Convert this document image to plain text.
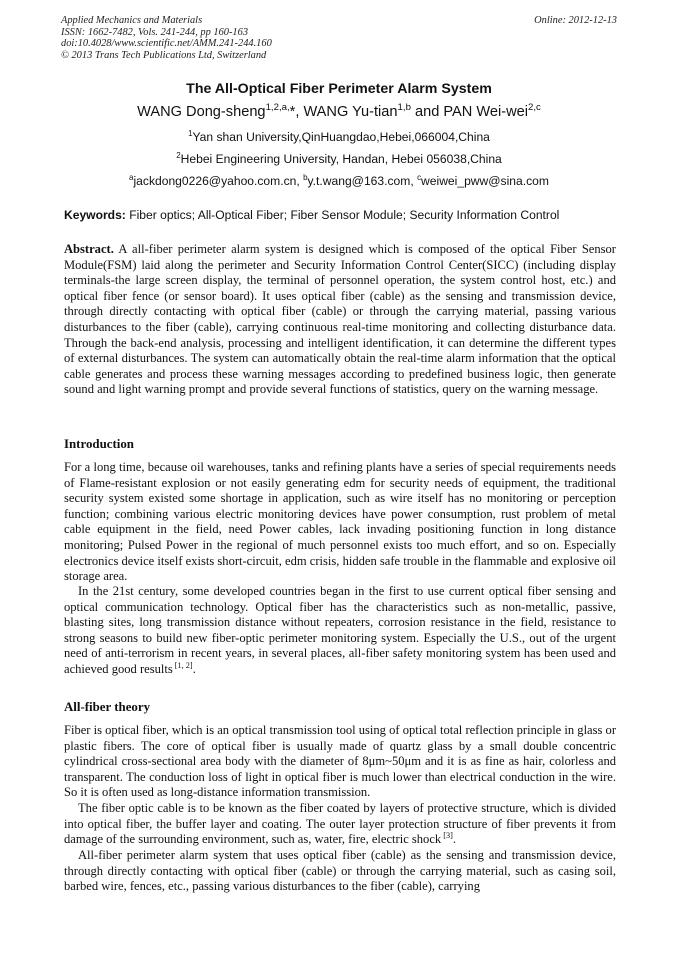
Applied Mechanics and Materials	Online: 2012-12-13
ISSN: 1662-7482, Vols. 241-244, pp 160-163
doi:10.4028/www.scientific.net/AMM.241-244.160
© 2013 Trans Tech Publications Ltd, Switzerland
The All-Optical Fiber Perimeter Alarm System
WANG Dong-sheng$^{1,2,a,}$*, WANG Yu-tian$^{1,b}$ and PAN Wei-wei$^{2,c}$
$^1$Yan shan University,QinHuangdao,Hebei,066004,China
$^2$Hebei Engineering University, Handan, Hebei 056038,China
$^a$jackdong0226@yahoo.com.cn, $^b$y.t.wang@163.com, $^c$weiwei_pww@sina.com
Keywords: Fiber optics; All-Optical Fiber; Fiber Sensor Module; Security Information Control
Abstract. A all-fiber perimeter alarm system is designed which is composed of the optical Fiber Sensor Module(FSM) laid along the perimeter and Security Information Control Center(SICC) (including display terminals-the large screen display, the terminal of personnel operation, the system control host, etc.) and optical fiber fence (or sensor board). It uses optical fiber (cable) as the sensing and transmission device, through directly contacting with optical fiber (cable) or through the carrying material, passing various disturbances to the fiber (cable), carrying continuous real-time monitoring and collecting disturbance data. Through the back-end analysis, processing and intelligent identification, it can determine the different types of external disturbances. The system can automatically obtain the real-time alarm information that the optical cable generates and process these warning messages according to predefined business logic, then generate sound and light warning prompt and provide several functions of statistics, query on the warning message.
Introduction
For a long time, because oil warehouses, tanks and refining plants have a series of special requirements needs of Flame-resistant explosion or not easily generating edm for security needs of equipment, the traditional security system existed some shortage in application, such as wire itself has no monitoring or perception function; combining various electric monitoring devices have power consumption, rust problem of metal cable equipment in the field, need Power cables, lack invading positioning function in long distance monitoring; Pulsed Power in the regional of much personnel exists too much effort, and so on. Especially electronics device itself exists short-circuit, edm crisis, hidden safe trouble in the flammable and explosive oil storage area.
In the 21st century, some developed countries began in the first to use current optical fiber sensing and optical communication technology. Optical fiber has the characteristics such as non-metallic, passive, blasting sites, long transmission distance without repeaters, corrosion resistance in the field, resistance to strong seasons to build new fiber-optic perimeter monitoring system. Especially the U.S., out of the urgent need of anti-terrorism in recent years, in several places, all-fiber safety monitoring system has been used and achieved good results [1, 2].
All-fiber theory
Fiber is optical fiber, which is an optical transmission tool using of optical total reflection principle in glass or plastic fibers. The core of optical fiber is usually made of quartz glass by a small double concentric cylindrical cross-sectional area body with the diameter of 8μm~50μm and it is as fine as hair, colorless and transparent. The conduction loss of light in optical fiber is much lower than electrical conduction in the wire. So it is often used as long-distance information transmission.
The fiber optic cable is to be known as the fiber coated by layers of protective structure, which is divided into optical fiber, the buffer layer and coating. The outer layer protection structure of fiber prevents it from damage of the surrounding environment, such as, water, fire, electric shock [3].
All-fiber perimeter alarm system that uses optical fiber (cable) as the sensing and transmission device, through directly contacting with optical fiber (cable) or through the carrying material, such as casing soil, barbed wire, fences, etc., passing various disturbances to the fiber (cable), carrying
